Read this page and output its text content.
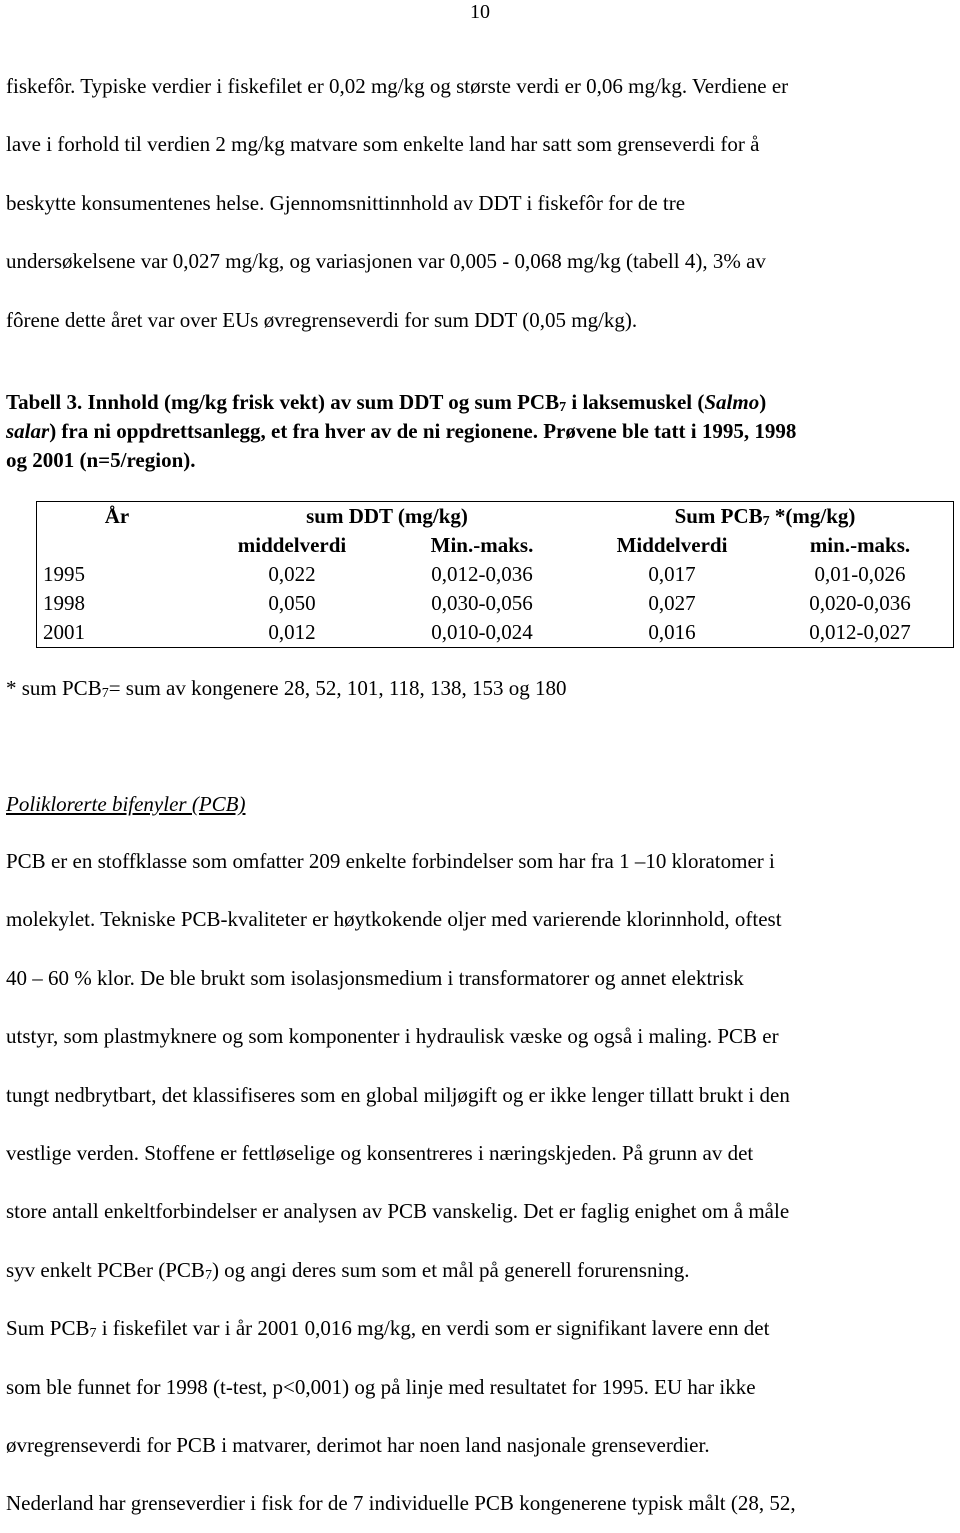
10
fiskefôr. Typiske verdier i fiskefilet er 0,02 mg/kg og største verdi er 0,06 mg/kg. Verdiene er
lave i forhold til verdien 2 mg/kg matvare som enkelte land har satt som grenseverdi for å
beskytte konsumentenes helse. Gjennomsnittinnhold av DDT i fiskefôr for de tre
undersøkelsene var 0,027 mg/kg, og variasjonen var 0,005 - 0,068 mg/kg (tabell 4), 3% av
fôrene dette året var over EUs øvregrenseverdi for sum DDT (0,05 mg/kg).
Tabell 3. Innhold (mg/kg frisk vekt) av sum DDT og sum $PCB_7$ i laksemuskel (Salmo)
salar) fra ni oppdrettsanlegg, et fra hver av de ni regionene. Prøvene ble tatt i 1995, 1998
og 2001 (n=5/region).
År	sum DDT (mg/kg)		Sum $PCB_7$ *(mg/kg)	
	middelverdi	Min.-maks.	Middelverdi	min.-maks.
1995	0,022	0,012-0,036	0,017	0,01-0,026
1998	0,050	0,030-0,056	0,027	0,020-0,036
2001	0,012	0,010-0,024	0,016	0,012-0,027
* sum $PCB_7=$ sum av kongenere 28, 52, 101, 118, 138, 153 og 180
Poliklorerte bifenyler (PCB)
PCB er en stoffklasse som omfatter 209 enkelte forbindelser som har fra 1 –10 kloratomer i
molekylet. Tekniske PCB-kvaliteter er høytkokende oljer med varierende klorinnhold, oftest
40 – 60 % klor. De ble brukt som isolasjonsmedium i transformatorer og annet elektrisk
utstyr, som plastmyknere og som komponenter i hydraulisk væske og også i maling. PCB er
tungt nedbrytbart, det klassifiseres som en global miljøgift og er ikke lenger tillatt brukt i den
vestlige verden. Stoffene er fettløselige og konsentreres i næringskjeden. På grunn av det
store antall enkeltforbindelser er analysen av PCB vanskelig. Det er faglig enighet om å måle
syv enkelt PCBer $(PCB_7)$ og angi deres sum som et mål på generell forurensning.
Sum $PCB_7$ i fiskefilet var i år 2001 0,016 mg/kg, en verdi som er signifikant lavere enn det
som ble funnet for 1998 (t-test, p<0,001) og på linje med resultatet for 1995. EU har ikke
øvregrenseverdi for PCB i matvarer, derimot har noen land nasjonale grenseverdier.
Nederland har grenseverdier i fisk for de 7 individuelle PCB kongenerene typisk målt (28, 52,
